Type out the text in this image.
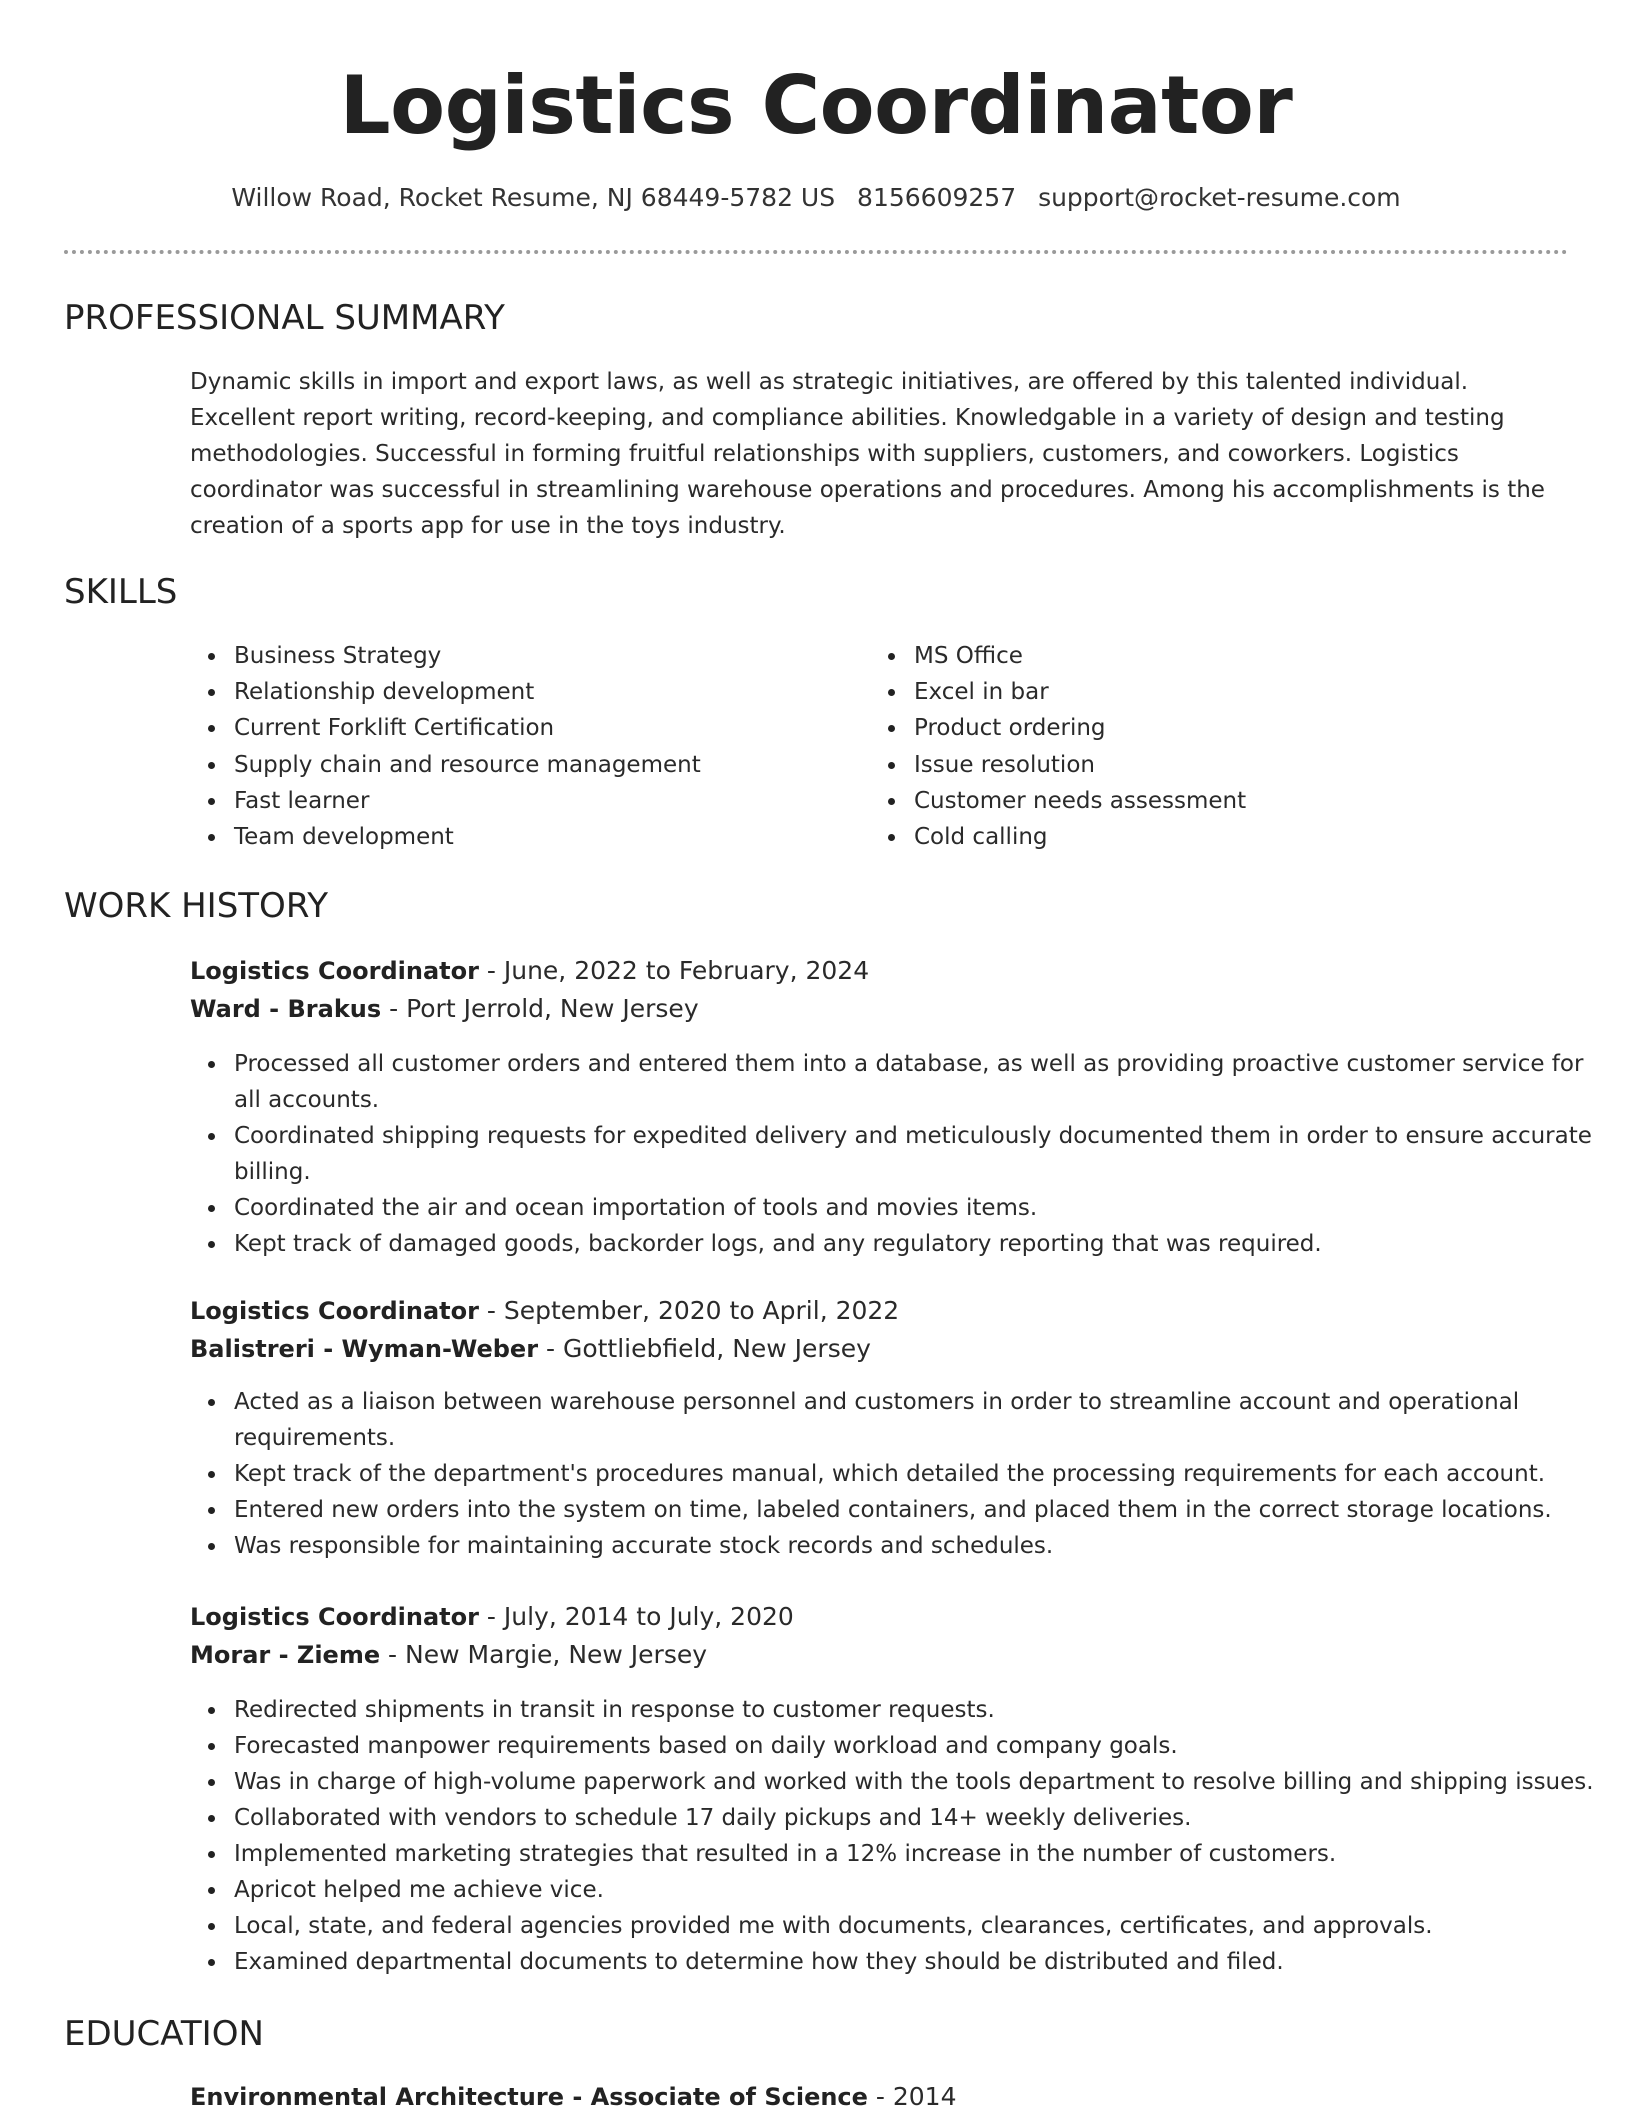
Logistics Coordinator
Willow Road, Rocket Resume, NJ 68449-5782 US 8156609257 support@rocket-resume.com
PROFESSIONAL SUMMARY

Dynamic skills in import and export laws, as well as strategic initiatives, are offered by this talented individual. Excellent report writing, record-keeping, and compliance abilities. Knowledgable in a variety of design and testing methodologies. Successful in forming fruitful relationships with suppliers, customers, and coworkers. Logistics coordinator was successful in streamlining warehouse operations and procedures. Among his accomplishments is the creation of a sports app for use in the toys industry.

SKILLS
Business Strategy
Relationship development
Current Forklift Certification
Supply chain and resource management
Fast learner
Team development
MS Office
Excel in bar
Product ordering
Issue resolution
Customer needs assessment
Cold calling
WORK HISTORY

Logistics Coordinator - June, 2022 to February, 2024

Ward - Brakus - Port Jerrold, New Jersey

Processed all customer orders and entered them into a database, as well as providing proactive customer service for all accounts.
Coordinated shipping requests for expedited delivery and meticulously documented them in order to ensure accurate billing.
Coordinated the air and ocean importation of tools and movies items.
Kept track of damaged goods, backorder logs, and any regulatory reporting that was required.

Logistics Coordinator - September, 2020 to April, 2022

Balistreri - Wyman-Weber - Gottliebfield, New Jersey

Acted as a liaison between warehouse personnel and customers in order to streamline account and operational requirements.
Kept track of the department's procedures manual, which detailed the processing requirements for each account.
Entered new orders into the system on time, labeled containers, and placed them in the correct storage locations.
Was responsible for maintaining accurate stock records and schedules.

Logistics Coordinator - July, 2014 to July, 2020

Morar - Zieme - New Margie, New Jersey

Redirected shipments in transit in response to customer requests.
Forecasted manpower requirements based on daily workload and company goals.
Was in charge of high-volume paperwork and worked with the tools department to resolve billing and shipping issues.
Collaborated with vendors to schedule 17 daily pickups and 14+ weekly deliveries.
Implemented marketing strategies that resulted in a 12% increase in the number of customers.
Apricot helped me achieve vice.
Local, state, and federal agencies provided me with documents, clearances, certificates, and approvals.
Examined departmental documents to determine how they should be distributed and filed.
EDUCATION

Environmental Architecture - Associate of Science - 2014
